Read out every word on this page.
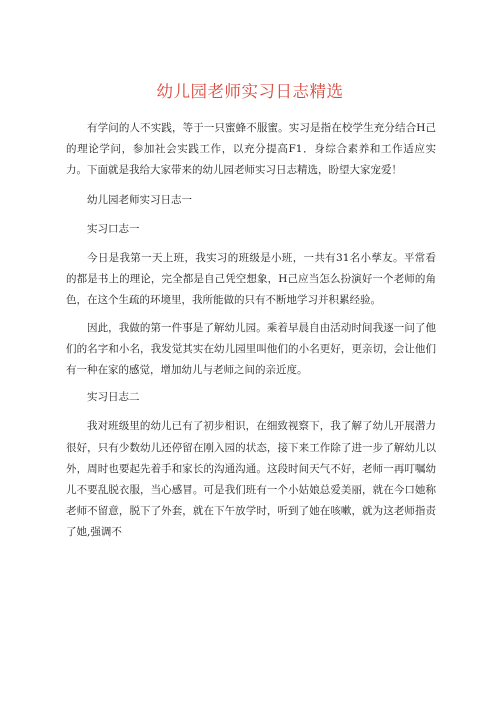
幼儿园老师实习日志精选

有学问的人不实践，等于一只蜜蜂不服蜜。实习是指在校学生充分结合H己的理论学问，参加社会实践工作，以充分提高F1．身综合素养和工作适应实力。下面就是我给大家带来的幼儿园老师实习日志精选，盼望大家宠爱！

幼儿园老师实习日志一
实习口志一

今日是我第一天上班，我实习的班级是小班，一共有31名小孳友。平常看的都是书上的理论，完全都是自己凭空想象，H己应当怎么扮演好一个老师的角色，在这个生疏的环境里，我所能做的只有不断地学习并积累经验。

因此，我做的第一件事是了解幼儿园。乘着早晨自由活动时间我逐一问了他们的名字和小名，我发觉其实在幼儿园里叫他们的小名更好，更亲切，会让他们有一种在家的感觉，增加幼儿与老师之间的亲近度。

实习日志二

我对班级里的幼儿已有了初步相识，在细致视察下，我了解了幼儿开展潜力很好，只有少数幼儿还停留在刚入园的状态，接下来工作除了进一步了解幼儿以外，周时也要起先着手和家长的沟通沟通。这段时间天气不好，老师一再叮嘱幼儿不要乱脱衣服，当心感冒。可是我们班有一个小姑娘总爱美丽，就在今口她称老师不留意，脱下了外套，就在下午放学时，听到了她在咳嗽，就为这老师指责了她,强调不
